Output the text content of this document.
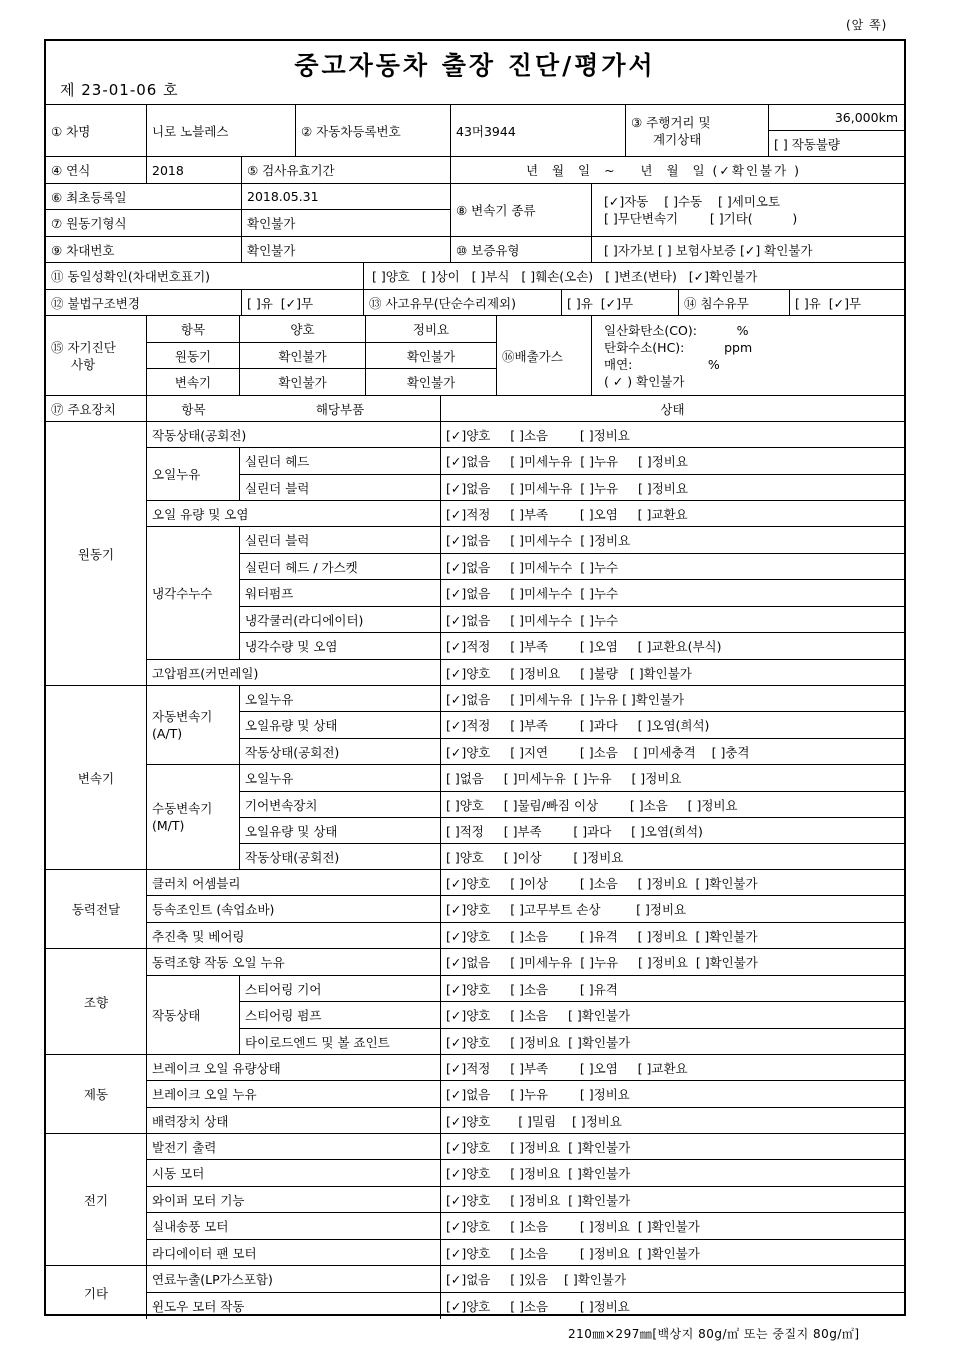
(앞 쪽)
중고자동차 출장 진단/평가서
제 23-01-06 호
① 차명	니로 노블레스	② 자동차등록번호	43머3944
③ 주행거리 및
계기상태
36,000km
[ ] 작동불량
④ 연식	2018	⑤ 검사유효기간	년  월  일  ~    년  월  일 (✓확인불가 )
⑥ 최초등록일	2018.05.31
⑦ 원동기형식	확인불가
⑧ 변속기 종류
[✓]자동    [ ]수동    [ ]세미오토
[ ]무단변속기        [ ]기타(          )
⑨ 차대번호	확인불가	⑩ 보증유형	[ ]자가보 [ ] 보험사보증 [✓] 확인불가
⑪ 동일성확인(차대번호표기)	[ ]양호   [ ]상이   [ ]부식   [ ]훼손(오손)   [ ]변조(변타)   [✓]확인불가
⑫ 불법구조변경	[ ]유  [✓]무	⑬ 사고유무(단순수리제외)	[ ]유  [✓]무	⑭ 침수유무	[ ]유  [✓]무
⑮ 자기진단
사항
항목	양호	정비요
원동기	확인불가	확인불가
변속기	확인불가	확인불가
⑯배출가스
일산화탄소(CO):          %
탄화수소(HC):          ppm
매연:                   %
( ✓ ) 확인불가
⑰ 주요장치	항목	해당부품	상태
원동기
작동상태(공회전)	[✓]양호     [ ]소음        [ ]정비요
오일누유
실린더 헤드	[✓]없음     [ ]미세누유  [ ]누유     [ ]정비요
실린더 블럭	[✓]없음     [ ]미세누유  [ ]누유     [ ]정비요
오일 유량 및 오염	[✓]적정     [ ]부족        [ ]오염     [ ]교환요
냉각수누수
실린더 블럭	[✓]없음     [ ]미세누수  [ ]정비요
실린더 헤드 / 가스켓	[✓]없음     [ ]미세누수  [ ]누수
워터펌프	[✓]없음     [ ]미세누수  [ ]누수
냉각쿨러(라디에이터)	[✓]없음     [ ]미세누수  [ ]누수
냉각수량 및 오염	[✓]적정     [ ]부족        [ ]오염     [ ]교환요(부식)
고압펌프(커먼레일)	[✓]양호     [ ]정비요     [ ]불량   [ ]확인불가
변속기
자동변속기
(A/T)
오일누유	[✓]없음     [ ]미세누유  [ ]누유 [ ]확인불가
오일유량 및 상태	[✓]적정     [ ]부족        [ ]과다     [ ]오염(희석)
작동상태(공회전)	[✓]양호     [ ]지연        [ ]소음    [ ]미세충격    [ ]충격
수동변속기
(M/T)
오일누유	[ ]없음     [ ]미세누유  [ ]누유     [ ]정비요
기어변속장치	[ ]양호     [ ]물림/빠짐 이상        [ ]소음     [ ]정비요
오일유량 및 상태	[ ]적정     [ ]부족        [ ]과다     [ ]오염(희석)
작동상태(공회전)	[ ]양호     [ ]이상        [ ]정비요
동력전달
클러치 어셈블리	[✓]양호     [ ]이상        [ ]소음     [ ]정비요  [ ]확인불가
등속조인트 (속업쇼바)	[✓]양호     [ ]고무부트 손상         [ ]정비요
추진축 및 베어링	[✓]양호     [ ]소음        [ ]유격     [ ]정비요  [ ]확인불가
조향
동력조향 작동 오일 누유	[✓]없음     [ ]미세누유  [ ]누유     [ ]정비요  [ ]확인불가
작동상태
스티어링 기어	[✓]양호     [ ]소음        [ ]유격
스티어링 펌프	[✓]양호     [ ]소음     [ ]확인불가
타이로드엔드 및 볼 죠인트	[✓]양호     [ ]정비요  [ ]확인불가
제동
브레이크 오일 유량상태	[✓]적정     [ ]부족        [ ]오염     [ ]교환요
브레이크 오일 누유	[✓]없음     [ ]누유        [ ]정비요
배력장치 상태	[✓]양호       [ ]밀림    [ ]정비요
전기
발전기 출력	[✓]양호     [ ]정비요  [ ]확인불가
시동 모터	[✓]양호     [ ]정비요  [ ]확인불가
와이퍼 모터 기능	[✓]양호     [ ]정비요  [ ]확인불가
실내송풍 모터	[✓]양호     [ ]소음        [ ]정비요  [ ]확인불가
라디에이터 팬 모터	[✓]양호     [ ]소음        [ ]정비요  [ ]확인불가
기타
연료누출(LP가스포함)	[✓]없음     [ ]있음    [ ]확인불가
윈도우 모터 작동	[✓]양호     [ ]소음        [ ]정비요
210㎜×297㎜[백상지 80g/㎡ 또는 중질지 80g/㎡]
